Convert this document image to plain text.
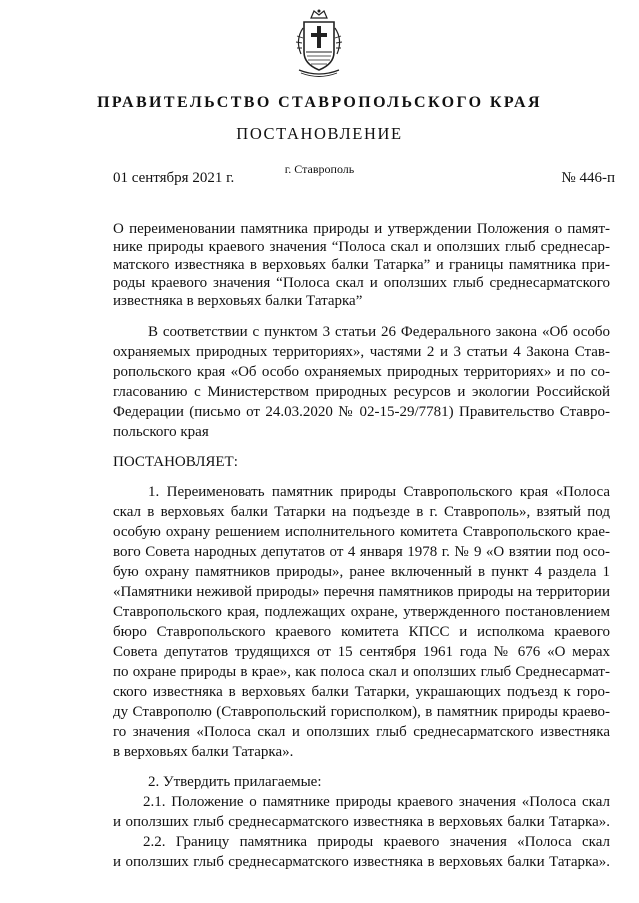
ПРАВИТЕЛЬСТВО СТАВРОПОЛЬСКОГО КРАЯ
ПОСТАНОВЛЕНИЕ
01 сентября 2021 г.
г. Ставрополь
№ 446-п
О переименовании памятника природы и утверждении Положения о памят-
нике природы краевого значения “Полоса скал и оползших глыб среднесар-
матского известняка в верховьях балки Татарка” и границы памятника при-
роды краевого значения “Полоса скал и оползших глыб среднесарматского
известняка в верховьях балки Татарка”
В соответствии с пунктом 3 статьи 26 Федерального закона «Об особо
охраняемых природных территориях», частями 2 и 3 статьи 4 Закона Став-
ропольского края «Об особо охраняемых природных территориях» и по со-
гласованию с Министерством природных ресурсов и экологии Российской
Федерации (письмо от 24.03.2020 № 02-15-29/7781) Правительство Ставро-
польского края
ПОСТАНОВЛЯЕТ:
1. Переименовать памятник природы Ставропольского края «Полоса
скал в верховьях балки Татарки на подъезде в г. Ставрополь», взятый под
особую охрану решением исполнительного комитета Ставропольского крае-
вого Совета народных депутатов от 4 января 1978 г. № 9 «О взятии под осо-
бую охрану памятников природы», ранее включенный в пункт 4 раздела 1
«Памятники неживой природы» перечня памятников природы на территории
Ставропольского края, подлежащих охране, утвержденного постановлением
бюро Ставропольского краевого комитета КПСС и исполкома краевого
Совета депутатов трудящихся от 15 сентября 1961 года № 676 «О мерах
по охране природы в крае», как полоса скал и оползших глыб Среднесармат-
ского известняка в верховьях балки Татарки, украшающих подъезд к горо-
ду Ставрополю (Ставропольский горисполком), в памятник природы краево-
го значения «Полоса скал и оползших глыб среднесарматского известняка
в верховьях балки Татарка».
2. Утвердить прилагаемые:
2.1. Положение о памятнике природы краевого значения «Полоса скал
и оползших глыб среднесарматского известняка в верховьях балки Татарка».
2.2. Границу памятника природы краевого значения «Полоса скал
и оползших глыб среднесарматского известняка в верховьях балки Татарка».
